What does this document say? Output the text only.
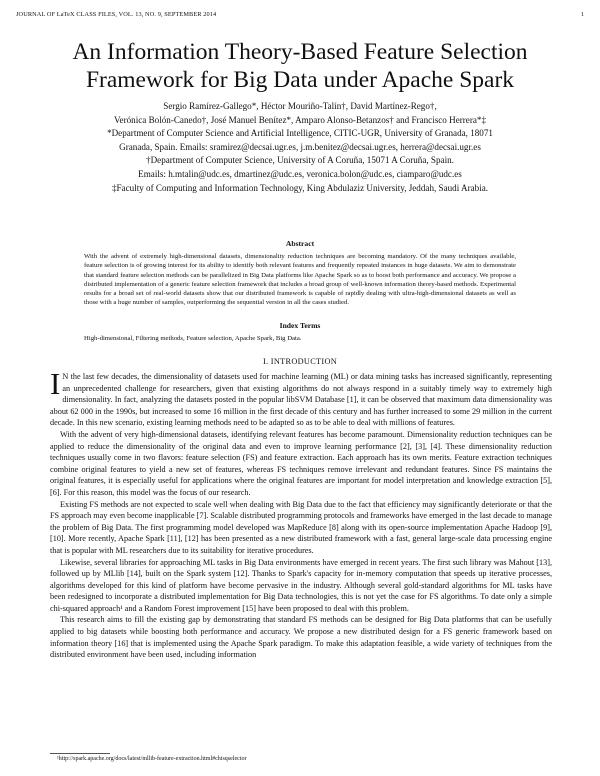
JOURNAL OF LaTeX CLASS FILES, VOL. 13, NO. 9, SEPTEMBER 2014	1
An Information Theory-Based Feature Selection
Framework for Big Data under Apache Spark
Sergio Ramírez-Gallego*, Héctor Mouriño-Talín†, David Martínez-Rego†,
Verónica Bolón-Canedo†, José Manuel Benítez*, Amparo Alonso-Betanzos† and Francisco Herrera*‡
*Department of Computer Science and Artificial Intelligence, CITIC-UGR, University of Granada, 18071
Granada, Spain. Emails: sramirez@decsai.ugr.es, j.m.benitez@decsai.ugr.es, herrera@decsai.ugr.es
†Department of Computer Science, University of A Coruña, 15071 A Coruña, Spain.
Emails: h.mtalin@udc.es, dmartinez@udc.es, veronica.bolon@udc.es, ciamparo@udc.es
‡Faculty of Computing and Information Technology, King Abdulaziz University, Jeddah, Saudi Arabia.
Abstract
With the advent of extremely high-dimensional datasets, dimensionality reduction techniques are becoming mandatory. Of the many techniques available, feature selection is of growing interest for its ability to identify both relevant features and frequently repeated instances in huge datasets. We aim to demonstrate that standard feature selection methods can be parallelized in Big Data platforms like Apache Spark so as to boost both performance and accuracy. We propose a distributed implementation of a generic feature selection framework that includes a broad group of well-known information theory-based methods. Experimental results for a broad set of real-world datasets show that our distributed framework is capable of rapidly dealing with ultra-high-dimensional datasets as well as those with a huge number of samples, outperforming the sequential version in all the cases studied.
Index Terms
High-dimensional, Filtering methods, Feature selection, Apache Spark, Big Data.
I. INTRODUCTION

I N the last few decades, the dimensionality of datasets used for machine learning (ML) or data mining tasks has increased significantly, representing an unprecedented challenge for researchers, given that existing algorithms do not always respond in a suitably timely way to extremely high dimensionality. In fact, analyzing the datasets posted in the popular libSVM Database [1], it can be observed that maximum data dimensionality was about 62 000 in the 1990s, but increased to some 16 million in the first decade of this century and has further increased to some 29 million in the current decade. In this new scenario, existing learning methods need to be adapted so as to be able to deal with millions of features.

With the advent of very high-dimensional datasets, identifying relevant features has become paramount. Dimensionality reduction techniques can be applied to reduce the dimensionality of the original data and even to improve learning performance [2], [3], [4]. These dimensionality reduction techniques usually come in two flavors: feature selection (FS) and feature extraction. Each approach has its own merits. Feature extraction techniques combine original features to yield a new set of features, whereas FS techniques remove irrelevant and redundant features. Since FS maintains the original features, it is especially useful for applications where the original features are important for model interpretation and knowledge extraction [5], [6]. For this reason, this model was the focus of our research.

Existing FS methods are not expected to scale well when dealing with Big Data due to the fact that efficiency may significantly deteriorate or that the FS approach may even become inapplicable [7]. Scalable distributed programming protocols and frameworks have emerged in the last decade to manage the problem of Big Data. The first programming model developed was MapReduce [8] along with its open-source implementation Apache Hadoop [9], [10]. More recently, Apache Spark [11], [12] has been presented as a new distributed framework with a fast, general large-scale data processing engine that is popular with ML researchers due to its suitability for iterative procedures.

Likewise, several libraries for approaching ML tasks in Big Data environments have emerged in recent years. The first such library was Mahout [13], followed up by MLlib [14], built on the Spark system [12]. Thanks to Spark's capacity for in-memory computation that speeds up iterative processes, algorithms developed for this kind of platform have become pervasive in the industry. Although several gold-standard algorithms for ML tasks have been redesigned to incorporate a distributed implementation for Big Data technologies, this is not yet the case for FS algorithms. To date only a simple chi-squared approach¹ and a Random Forest improvement [15] have been proposed to deal with this problem.

This research aims to fill the existing gap by demonstrating that standard FS methods can be designed for Big Data platforms that can be usefully applied to big datasets while boosting both performance and accuracy. We propose a new distributed design for a FS generic framework based on information theory [16] that is implemented using the Apache Spark paradigm. To make this adaptation feasible, a wide variety of techniques from the distributed environment have been used, including information

¹http://spark.apache.org/docs/latest/mllib-feature-extraction.html#chisqselector
